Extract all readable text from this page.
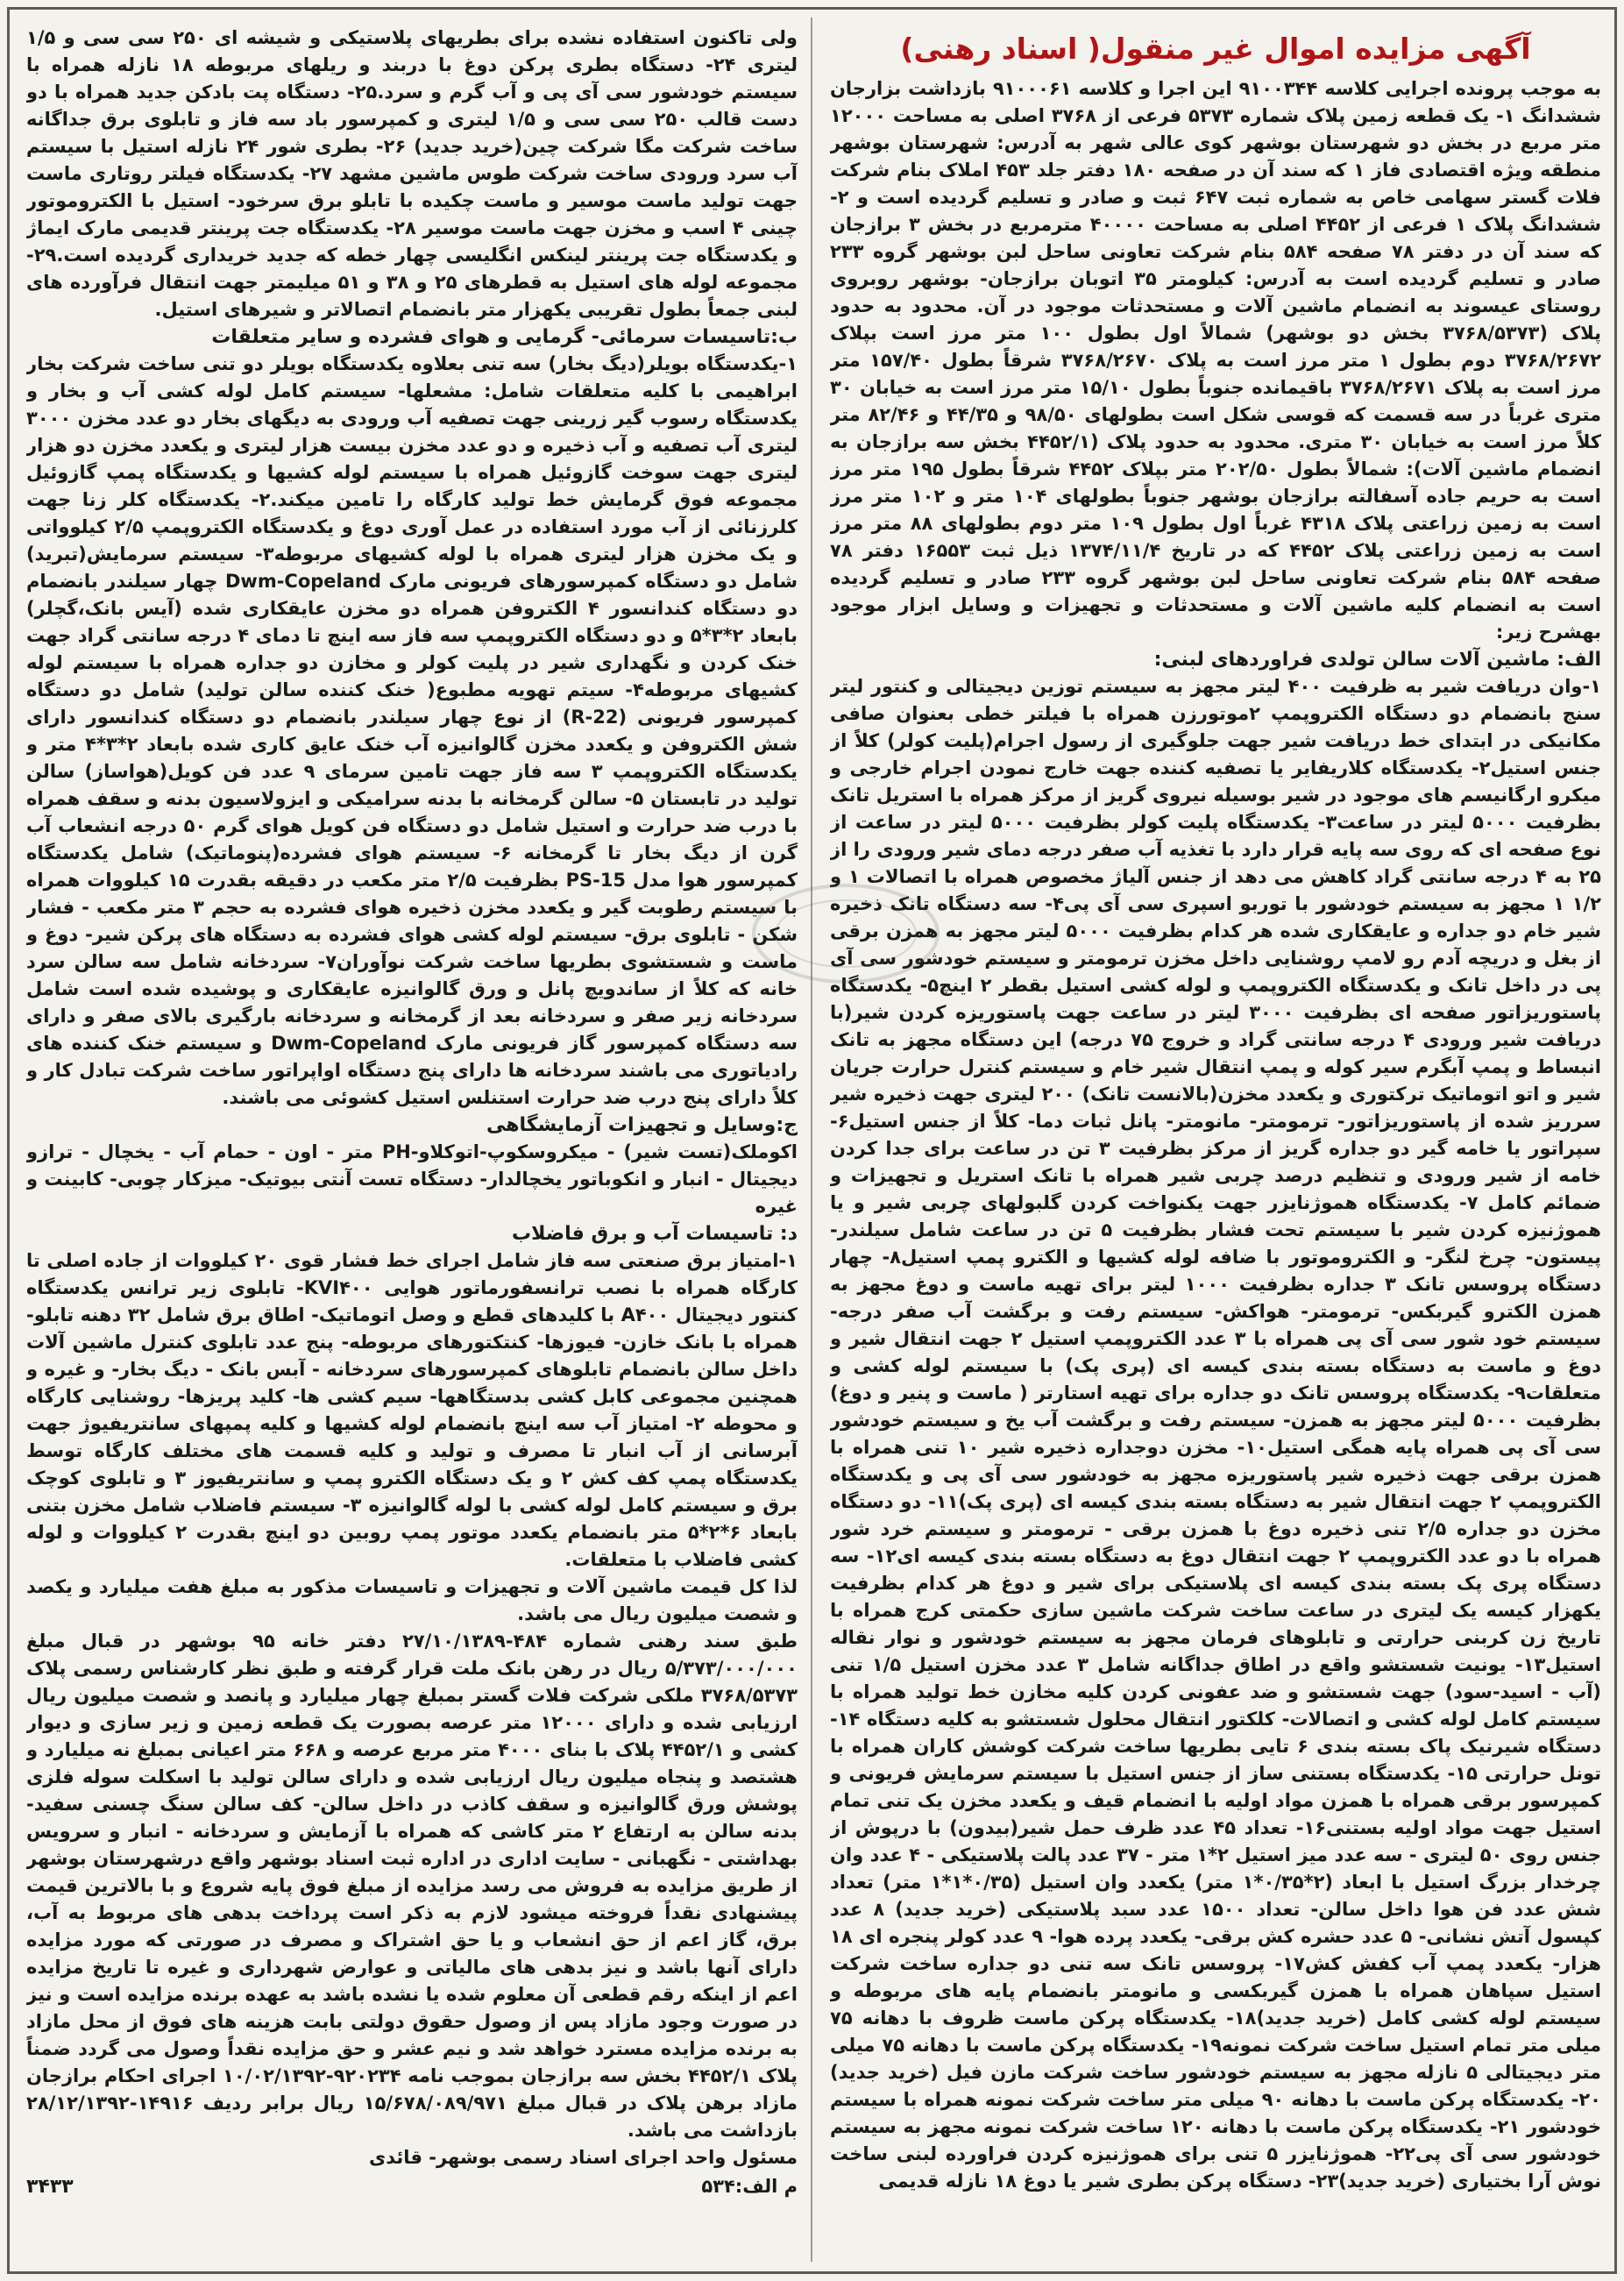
آگهی مزایده اموال غیر منقول( اسناد رهنی)

به موجب پرونده اجرایی کلاسه ۹۱۰۰۳۴۴ این اجرا و کلاسه ۹۱۰۰۰۶۱ بازداشت بزارجان ششدانگ ۱- یک قطعه زمین پلاک شماره ۵۳۷۳ فرعی از ۳۷۶۸ اصلی به مساحت ۱۲۰۰۰ متر مربع در بخش دو شهرستان بوشهر کوی عالی شهر به آدرس: شهرستان بوشهر منطقه ویژه اقتصادی فاز ۱ که سند آن در صفحه ۱۸۰ دفتر جلد ۴۵۳ املاک بنام شرکت فلات گستر سهامی خاص به شماره ثبت ۶۴۷ ثبت و صادر و تسلیم گردیده است و ۲- ششدانگ پلاک ۱ فرعی از ۴۴۵۲ اصلی به مساحت ۴۰۰۰۰ مترمربع در بخش ۳ برازجان که سند آن در دفتر ۷۸ صفحه ۵۸۴ بنام شرکت تعاونی ساحل لبن بوشهر گروه ۲۳۳ صادر و تسلیم گردیده است به آدرس: کیلومتر ۳۵ اتوبان برازجان- بوشهر روبروی روستای عیسوند به انضمام ماشین آلات و مستحدثات موجود در آن. محدود به حدود پلاک (۳۷۶۸/۵۳۷۳ بخش دو بوشهر) شمالاً اول بطول ۱۰۰ متر مرز است بپلاک ۳۷۶۸/۲۶۷۲ دوم بطول ۱ متر مرز است به پلاک ۳۷۶۸/۲۶۷۰ شرقاً بطول ۱۵۷/۴۰ متر مرز است به پلاک ۳۷۶۸/۲۶۷۱ باقیمانده جنوباً بطول ۱۵/۱۰ متر مرز است به خیابان ۳۰ متری غرباً در سه قسمت که قوسی شکل است بطولهای ۹۸/۵۰ و ۴۴/۳۵ و ۸۲/۴۶ متر کلاً مرز است به خیابان ۳۰ متری. محدود به حدود پلاک (۴۴۵۲/۱ بخش سه برازجان به انضمام ماشین آلات): شمالاً بطول ۲۰۲/۵۰ متر بپلاک ۴۴۵۲ شرقاً بطول ۱۹۵ متر مرز است به حریم جاده آسفالته برازجان بوشهر جنوباً بطولهای ۱۰۴ متر و ۱۰۲ متر مرز است به زمین زراعتی پلاک ۴۳۱۸ غرباً اول بطول ۱۰۹ متر دوم بطولهای ۸۸ متر مرز است به زمین زراعتی پلاک ۴۴۵۲ که در تاریخ ۱۳۷۴/۱۱/۴ ذیل ثبت ۱۶۵۵۳ دفتر ۷۸ صفحه ۵۸۴ بنام شرکت تعاونی ساحل لبن بوشهر گروه ۲۳۳ صادر و تسلیم گردیده است به انضمام کلیه ماشین آلات و مستحدثات و تجهیزات و وسایل ابزار موجود بهشرح زیر:

الف: ماشین آلات سالن تولدی فراوردهای لبنی:

۱-وان دریافت شیر به ظرفیت ۴۰۰ لیتر مجهز به سیستم توزین دیجیتالی و کنتور لیتر سنج بانضمام دو دستگاه الکتروپمپ ۲موتورزن همراه با فیلتر خطی بعنوان صافی مکانیکی در ابتدای خط دریافت شیر جهت جلوگیری از رسول اجرام(پلیت کولر) کلاً از جنس استیل۲- یکدستگاه کلاریفایر یا تصفیه کننده جهت خارج نمودن اجرام خارجی و میکرو ارگانیسم های موجود در شیر بوسیله نیروی گریز از مرکز همراه با استریل تانک بظرفیت ۵۰۰۰ لیتر در ساعت۳- یکدستگاه پلیت کولر بظرفیت ۵۰۰۰ لیتر در ساعت از نوع صفحه ای که روی سه پایه قرار دارد با تغذیه آب صفر درجه دمای شیر ورودی را از ۲۵ به ۴ درجه سانتی گراد کاهش می دهد از جنس آلیاژ مخصوص همراه با اتصالات ۱ و ۱/۲ ۱ مجهز به سیستم خودشور با توربو اسپری سی آی پی۴- سه دستگاه تانک ذخیره شیر خام دو جداره و عایقکاری شده هر کدام بظرفیت ۵۰۰۰ لیتر مجهز به همزن برقی از بغل و دریچه آدم رو لامپ روشنایی داخل مخزن ترمومتر و سیستم خودشور سی آی پی در داخل تانک و یکدستگاه الکتروپمپ و لوله کشی استیل بقطر ۲ اینچ۵- یکدستگاه پاستوریزاتور صفحه ای بظرفیت ۳۰۰۰ لیتر در ساعت جهت پاستوریزه کردن شیر(با دریافت شیر ورودی ۴ درجه سانتی گراد و خروج ۷۵ درجه) این دستگاه مجهز به تانک انبساط و پمپ آبگرم سیر کوله و پمپ انتقال شیر خام و سیستم کنترل حرارت جریان شیر و اتو اتوماتیک ترکتوری و یکعدد مخزن(بالانست تانک) ۲۰۰ لیتری جهت ذخیره شیر سرریز شده از پاستوریزاتور- ترمومتر- مانومتر- پانل ثبات دما- کلاً از جنس استیل۶- سپراتور یا خامه گیر دو جداره گریز از مرکز بظرفیت ۳ تن در ساعت برای جدا کردن خامه از شیر ورودی و تنظیم درصد چربی شیر همراه با تانک استریل و تجهیزات و ضمائم کامل ۷- یکدستگاه هموژنایزر جهت یکنواخت کردن گلبولهای چربی شیر و یا هموژنیزه کردن شیر با سیستم تحت فشار بظرفیت ۵ تن در ساعت شامل سیلندر- پیستون- چرخ لنگر- و الکتروموتور با ضافه لوله کشیها و الکترو پمپ استیل۸- چهار دستگاه پروسس تانک ۳ جداره بظرفیت ۱۰۰۰ لیتر برای تهیه ماست و دوغ مجهز به همزن الکترو گیربکس- ترمومتر- هواکش- سیستم رفت و برگشت آب صفر درجه- سیستم خود شور سی آی پی همراه با ۳ عدد الکتروپمپ استیل ۲ جهت انتقال شیر و دوغ و ماست به دستگاه بسته بندی کیسه ای (پری پک) با سیستم لوله کشی و متعلقات۹- یکدستگاه پروسس تانک دو جداره برای تهیه استارتر ( ماست و پنیر و دوغ) بظرفیت ۵۰۰۰ لیتر مجهز به همزن- سیستم رفت و برگشت آب یخ و سیستم خودشور سی آی پی همراه پایه همگی استیل۱۰- مخزن دوجداره ذخیره شیر ۱۰ تنی همراه با همزن برقی جهت ذخیره شیر پاستوریزه مجهز به خودشور سی آی پی و یکدستگاه الکتروپمپ ۲ جهت انتقال شیر به دستگاه بسته بندی کیسه ای (پری پک)۱۱- دو دستگاه مخزن دو جداره ۲/۵ تنی ذخیره دوغ با همزن برقی - ترمومتر و سیستم خرد شور همراه با دو عدد الکتروپمپ ۲ جهت انتقال دوغ به دستگاه بسته بندی کیسه ای۱۲- سه دستگاه پری پک بسته بندی کیسه ای پلاستیکی برای شیر و دوغ هر کدام بظرفیت یکهزار کیسه یک لیتری در ساعت ساخت شرکت ماشین سازی حکمتی کرج همراه با تاریخ زن کربنی حرارتی و تابلوهای فرمان مجهز به سیستم خودشور و نوار نقاله استیل۱۳- یونیت شستشو واقع در اطاق جداگانه شامل ۳ عدد مخزن استیل ۱/۵ تنی (آب - اسید-سود) جهت شستشو و ضد عفونی کردن کلیه مخازن خط تولید همراه با سیستم کامل لوله کشی و اتصالات- کلکتور انتقال محلول شستشو به کلیه دستگاه ۱۴- دستگاه شیرنیک پاک بسته بندی ۶ تایی بطریها ساخت شرکت کوشش کاران همراه با تونل حرارتی ۱۵- یکدستگاه بستنی ساز از جنس استیل با سیستم سرمایش فریونی و کمپرسور برقی همراه با همزن مواد اولیه با انضمام قیف و یکعدد مخزن یک تنی تمام استیل جهت مواد اولیه بستنی۱۶- تعداد ۴۵ عدد ظرف حمل شیر(بیدون) با درپوش از جنس روی ۵۰ لیتری - سه عدد میز استیل ۲*۱ متر - ۳۷ عدد پالت پلاستیکی - ۴ عدد وان چرخدار بزرگ استیل با ابعاد (۲*۰/۳۵*۱ متر) یکعدد وان استیل (۰/۳۵*۱*۱ متر) تعداد شش عدد فن هوا داخل سالن- تعداد ۱۵۰۰ عدد سبد پلاستیکی (خرید جدید) ۸ عدد کپسول آتش نشانی- ۵ عدد حشره کش برقی- یکعدد پرده هوا- ۹ عدد کولر پنجره ای ۱۸ هزار- یکعدد پمپ آب کفش کش۱۷- پروسس تانک سه تنی دو جداره ساخت شرکت استیل سپاهان همراه با همزن گیربکسی و مانومتر بانضمام پایه های مربوطه و سیستم لوله کشی کامل (خرید جدید)۱۸- یکدستگاه پرکن ماست ظروف با دهانه ۷۵ میلی متر تمام استیل ساخت شرکت نمونه۱۹- یکدستگاه پرکن ماست با دهانه ۷۵ میلی متر دیجیتالی ۵ نازله مجهز به سیستم خودشور ساخت شرکت مازن فیل (خرید جدید) ۲۰- یکدستگاه پرکن ماست با دهانه ۹۰ میلی متر ساخت شرکت نمونه همراه با سیستم خودشور ۲۱- یکدستگاه پرکن ماست با دهانه ۱۲۰ ساخت شرکت نمونه مجهز به سیستم خودشور سی آی پی۲۲- هموژنایزر ۵ تنی برای هموژنیزه کردن فراورده لبنی ساخت نوش آرا بختیاری (خرید جدید)۲۳- دستگاه پرکن بطری شیر یا دوغ ۱۸ نازله قدیمی

ولی تاکنون استفاده نشده برای بطریهای پلاستیکی و شیشه ای ۲۵۰ سی سی و ۱/۵ لیتری ۲۴- دستگاه بطری پرکن دوغ با دربند و ریلهای مربوطه ۱۸ نازله همراه با سیستم خودشور سی آی پی و آب گرم و سرد.۲۵- دستگاه پت بادکن جدید همراه با دو دست قالب ۲۵۰ سی سی و ۱/۵ لیتری و کمپرسور باد سه فاز و تابلوی برق جداگانه ساخت شرکت مگا شرکت چین(خرید جدید) ۲۶- بطری شور ۲۴ نازله استیل با سیستم آب سرد ورودی ساخت شرکت طوس ماشین مشهد ۲۷- یکدستگاه فیلتر روتاری ماست جهت تولید ماست موسیر و ماست چکیده با تابلو برق سرخود- استیل با الکتروموتور چینی ۴ اسب و مخزن جهت ماست موسیر ۲۸- یکدستگاه جت پرینتر قدیمی مارک ایماژ و یکدستگاه جت پرینتر لینکس انگلیسی چهار خطه که جدید خریداری گردیده است.۲۹- مجموعه لوله های استیل به قطرهای ۲۵ و ۳۸ و ۵۱ میلیمتر جهت انتقال فرآورده های لبنی جمعاً بطول تقریبی یکهزار متر بانضمام اتصالاتر و شیرهای استیل.

ب:تاسیسات سرمائی- گرمایی و هوای فشرده و سایر متعلقات

۱-یکدستگاه بویلر(دیگ بخار) سه تنی بعلاوه یکدستگاه بویلر دو تنی ساخت شرکت بخار ابراهیمی با کلیه متعلقات شامل: مشعلها- سیستم کامل لوله کشی آب و بخار و یکدستگاه رسوب گیر زرینی جهت تصفیه آب ورودی به دیگهای بخار دو عدد مخزن ۳۰۰۰ لیتری آب تصفیه و آب ذخیره و دو عدد مخزن بیست هزار لیتری و یکعدد مخزن دو هزار لیتری جهت سوخت گازوئیل همراه با سیستم لوله کشیها و یکدستگاه پمپ گازوئیل مجموعه فوق گرمایش خط تولید کارگاه را تامین میکند.۲- یکدستگاه کلر زنا جهت کلرزنائی از آب مورد استفاده در عمل آوری دوغ و یکدستگاه الکتروپمپ ۲/۵ کیلوواتی و یک مخزن هزار لیتری همراه با لوله کشیهای مربوطه۳- سیستم سرمایش(تبرید) شامل دو دستگاه کمپرسورهای فریونی مارک Dwm-Copeland چهار سیلندر بانضمام دو دستگاه کندانسور ۴ الکتروفن همراه دو مخزن عایقکاری شده (آیس بانک،گچلر) بابعاد ۲*۳*۵ و دو دستگاه الکتروپمپ سه فاز سه اینچ تا دمای ۴ درجه سانتی گراد جهت خنک کردن و نگهداری شیر در پلیت کولر و مخازن دو جداره همراه با سیستم لوله کشیهای مربوطه۴- سیتم تهویه مطبوع( خنک کننده سالن تولید) شامل دو دستگاه کمپرسور فریونی (R-22) از نوع چهار سیلندر بانضمام دو دستگاه کندانسور دارای شش الکتروفن و یکعدد مخزن گالوانیزه آب خنک عایق کاری شده بابعاد ۲*۳*۴ متر و یکدستگاه الکتروپمپ ۳ سه فاز جهت تامین سرمای ۹ عدد فن کویل(هواساز) سالن تولید در تابستان ۵- سالن گرمخانه با بدنه سرامیکی و ایزولاسیون بدنه و سقف همراه با درب ضد حرارت و استیل شامل دو دستگاه فن کویل هوای گرم ۵۰ درجه انشعاب آب گرن از دیگ بخار تا گرمخانه ۶- سیستم هوای فشرده(پنوماتیک) شامل یکدستگاه کمپرسور هوا مدل PS-15 بظرفیت ۲/۵ متر مکعب در دقیقه بقدرت ۱۵ کیلووات همراه با سیستم رطوبت گیر و یکعدد مخزن ذخیره هوای فشرده به حجم ۳ متر مکعب - فشار شکن - تابلوی برق- سیستم لوله کشی هوای فشرده به دستگاه های پرکن شیر- دوغ و ماست و شستشوی بطریها ساخت شرکت نوآوران۷- سردخانه شامل سه سالن سرد خانه که کلاً از ساندویچ پانل و ورق گالوانیزه عایقکاری و پوشیده شده است شامل سردخانه زیر صفر و سردخانه بعد از گرمخانه و سردخانه بارگیری بالای صفر و دارای سه دستگاه کمپرسور گاز فریونی مارک Dwm-Copeland و سیستم خنک کننده های رادیاتوری می باشند سردخانه ها دارای پنج دستگاه اواپراتور ساخت شرکت تبادل کار و کلاً دارای پنج درب ضد حرارت استنلس استیل کشوئی می باشند.

ج:وسایل و تجهیزات آزمایشگاهی

اکوملک(تست شیر) - میکروسکوپ-اتوکلاو-PH متر - اون - حمام آب - یخچال - ترازو دیجیتال - انبار و انکوباتور یخچالدار- دستگاه تست آنتی بیوتیک- میزکار چوبی- کابینت و غیره

د: تاسیسات آب و برق فاضلاب

۱-امتیاز برق صنعتی سه فاز شامل اجرای خط فشار قوی ۲۰ کیلووات از جاده اصلی تا کارگاه همراه با نصب ترانسفورماتور هوایی KVI۴۰۰- تابلوی زیر ترانس یکدستگاه کنتور دیجیتال A۴۰۰ با کلیدهای قطع و وصل اتوماتیک- اطاق برق شامل ۳۲ دهنه تابلو- همراه با بانک خازن- فیوزها- کنتکتورهای مربوطه- پنج عدد تابلوی کنترل ماشین آلات داخل سالن بانضمام تابلوهای کمپرسورهای سردخانه - آبس بانک - دیگ بخار- و غیره و همچنین مجموعی کابل کشی بدستگاهها- سیم کشی ها- کلید پریزها- روشنایی کارگاه و محوطه ۲- امتیاز آب سه اینچ بانضمام لوله کشیها و کلیه پمپهای سانتریفیوژ جهت آبرسانی از آب انبار تا مصرف و تولید و کلیه قسمت های مختلف کارگاه توسط یکدستگاه پمپ کف کش ۲ و یک دستگاه الکترو پمپ و سانتریفیوز ۳ و تابلوی کوچک برق و سیستم کامل لوله کشی با لوله گالوانیزه ۳- سیستم فاضلاب شامل مخزن بتنی بابعاد ۶*۲*۵ متر بانضمام یکعدد موتور پمپ روبین دو اینچ بقدرت ۲ کیلووات و لوله کشی فاضلاب با متعلقات.

لذا کل قیمت ماشین آلات و تجهیزات و تاسیسات مذکور به مبلغ هفت میلیارد و یکصد و شصت میلیون ریال می باشد.

طبق سند رهنی شماره ۴۸۴-۲۷/۱۰/۱۳۸۹ دفتر خانه ۹۵ بوشهر در قبال مبلغ ۵/۳۷۳/۰۰۰/۰۰۰ ریال در رهن بانک ملت قرار گرفته و طبق نظر کارشناس رسمی پلاک ۳۷۶۸/۵۳۷۳ ملکی شرکت فلات گستر بمبلغ چهار میلیارد و پانصد و شصت میلیون ریال ارزیابی شده و دارای ۱۲۰۰۰ متر عرصه بصورت یک قطعه زمین و زیر سازی و دیوار کشی و ۴۴۵۲/۱ پلاک با بنای ۴۰۰۰ متر مربع عرصه و ۶۶۸ متر اعیانی بمبلغ نه میلیارد و هشتصد و پنجاه میلیون ریال ارزیابی شده و دارای سالن تولید با اسکلت سوله فلزی پوشش ورق گالوانیزه و سقف کاذب در داخل سالن- کف سالن سنگ چسنی سفید- بدنه سالن به ارتفاع ۲ متر کاشی که همراه با آزمایش و سردخانه - انبار و سرویس بهداشتی - نگهبانی - سایت اداری در اداره ثبت اسناد بوشهر واقع درشهرستان بوشهر از طریق مزایده به فروش می رسد مزایده از مبلغ فوق پایه شروع و با بالاترین قیمت پیشنهادی نقداً فروخته میشود لازم به ذکر است پرداخت بدهی های مربوط به آب، برق، گاز اعم از حق انشعاب و یا حق اشتراک و مصرف در صورتی که مورد مزایده دارای آنها باشد و نیز بدهی های مالیاتی و عوارض شهرداری و غیره تا تاریخ مزایده اعم از اینکه رقم قطعی آن معلوم شده یا نشده باشد به عهده برنده مزایده است و نیز در صورت وجود مازاد پس از وصول حقوق دولتی بابت هزینه های فوق از محل مازاد به برنده مزایده مسترد خواهد شد و نیم عشر و حق مزایده نقداً وصول می گردد ضمناً پلاک ۴۴۵۲/۱ بخش سه برازجان بموجب نامه ۹۲۰۲۳۴-۱۰/۰۲/۱۳۹۲ اجرای احکام برازجان مازاد برهن پلاک در قبال مبلغ ۱۵/۶۷۸/۰۸۹/۹۷۱ ریال برابر ردیف ۱۴۹۱۶-۲۸/۱۲/۱۳۹۲ بازداشت می باشد.

مسئول واحد اجرای اسناد رسمی بوشهر- قائدی

م الف:۵۳۴
۳۴۳۳
